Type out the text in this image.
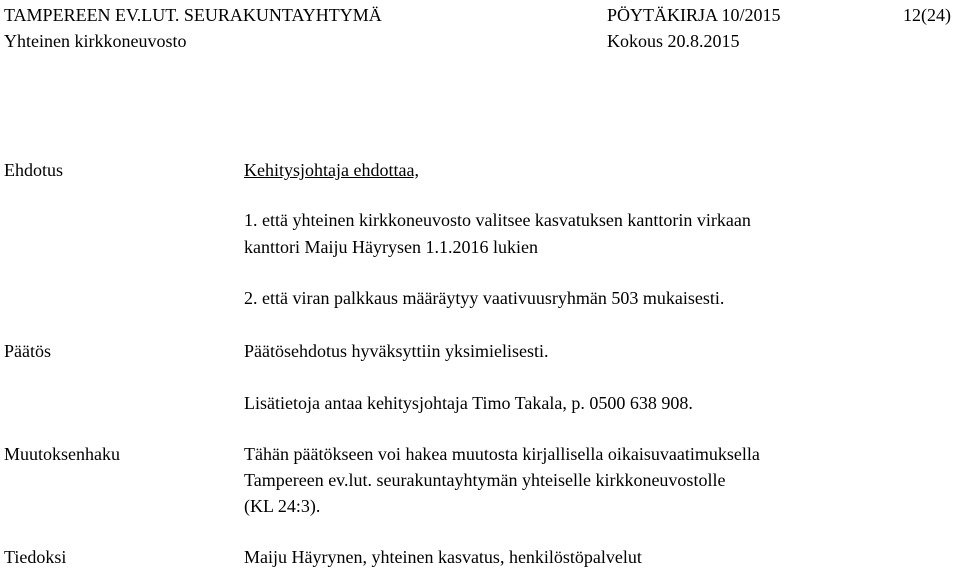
TAMPEREEN EV.LUT. SEURAKUNTAYHTYMÄ	PÖYTÄKIRJA 10/2015	12(24)
Yhteinen kirkkoneuvosto	Kokous 20.8.2015
Ehdotus	Kehitysjohtaja ehdottaa,
1. että yhteinen kirkkoneuvosto valitsee kasvatuksen kanttorin virkaan
kanttori Maiju Häyrysen 1.1.2016 lukien
2. että viran palkkaus määräytyy vaativuusryhmän 503 mukaisesti.
Päätös	Päätösehdotus hyväksyttiin yksimielisesti.
Lisätietoja antaa kehitysjohtaja Timo Takala, p. 0500 638 908.
Muutoksenhaku	Tähän päätökseen voi hakea muutosta kirjallisella oikaisuvaatimuksella
Tampereen ev.lut. seurakuntayhtymän yhteiselle kirkkoneuvostolle
(KL 24:3).
Tiedoksi	Maiju Häyrynen, yhteinen kasvatus, henkilöstöpalvelut
